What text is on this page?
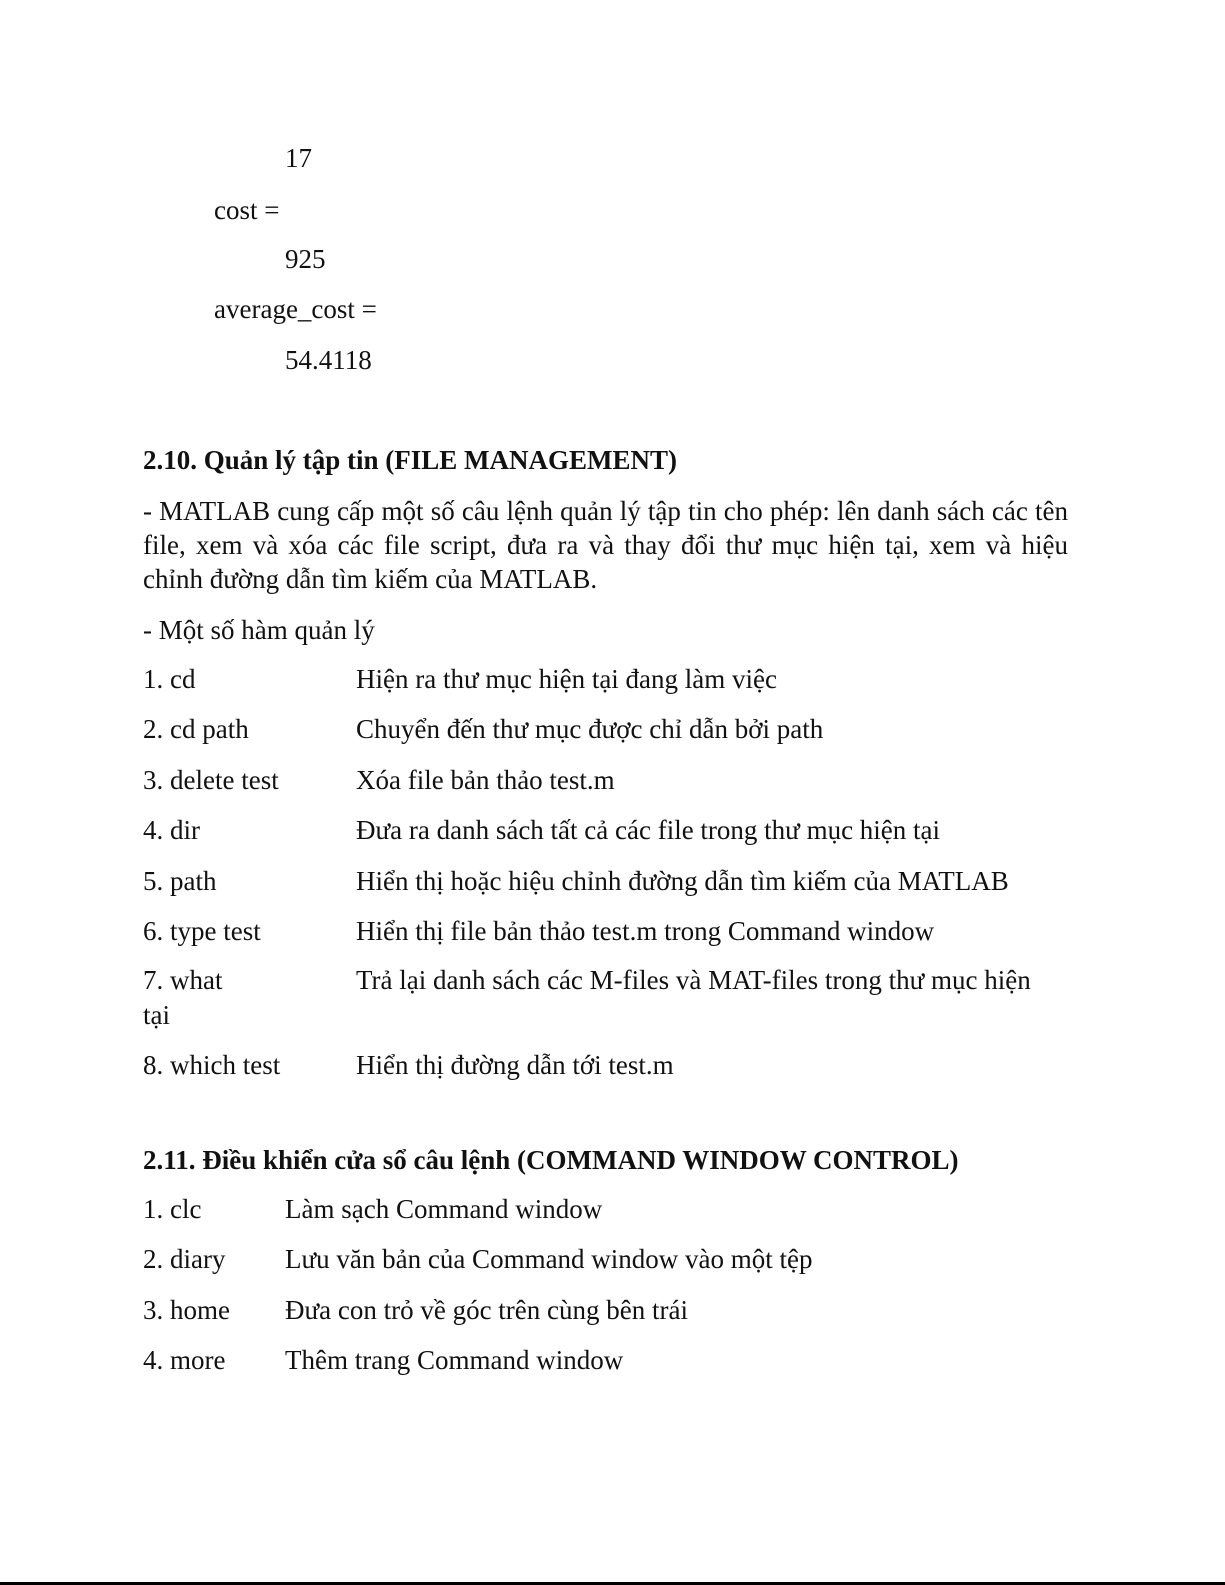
17
cost =
925
average_cost =
54.4118
2.10. Quản lý tập tin (FILE MANAGEMENT)
- MATLAB cung cấp một số câu lệnh quản lý tập tin cho phép: lên danh sách các tên file, xem và xóa các file script, đưa ra và thay đổi thư mục hiện tại, xem và hiệu chỉnh đường dẫn tìm kiếm của MATLAB.
- Một số hàm quản lý
1. cd	Hiện ra thư mục hiện tại đang làm việc
2. cd path	Chuyển đến thư mục được chỉ dẫn bởi path
3. delete test	Xóa file bản thảo test.m
4. dir	Đưa ra danh sách tất cả các file trong thư mục hiện tại
5. path	Hiển thị hoặc hiệu chỉnh đường dẫn tìm kiếm của MATLAB
6. type test	Hiển thị file bản thảo test.m trong Command window
7. what	Trả lại danh sách các M-files và MAT-files trong thư mục hiện
tại
8. which test	Hiển thị đường dẫn tới test.m
2.11. Điều khiển cửa sổ câu lệnh (COMMAND WINDOW CONTROL)
1. clc	Làm sạch Command window
2. diary Lưu văn bản của Command window vào một tệp
3. home Đưa con trỏ về góc trên cùng bên trái
4. more Thêm trang Command window
